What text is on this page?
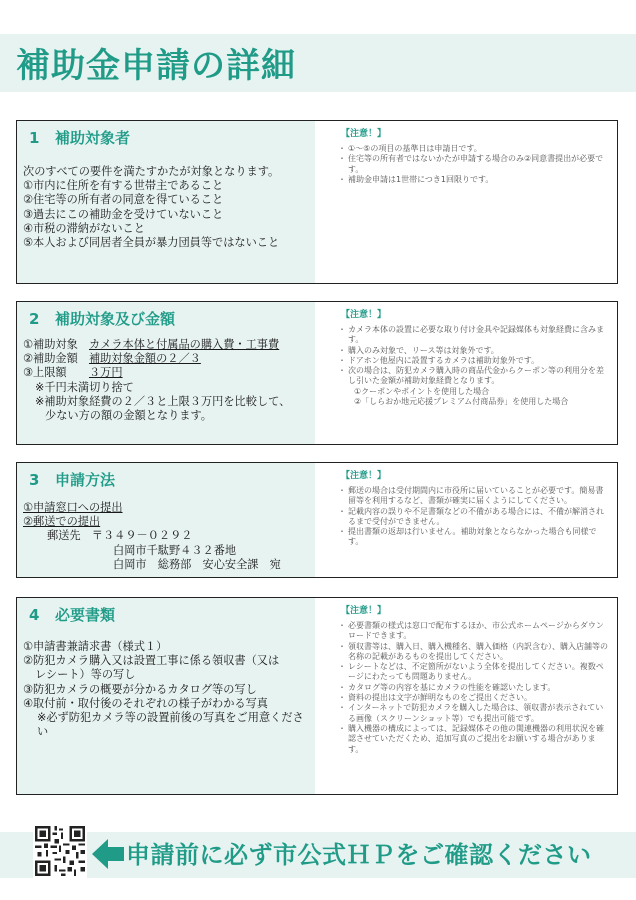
補助金申請の詳細
1 補助対象者

次のすべての要件を満たすかたが対象となります。

①市内に住所を有する世帯主であること

②住宅等の所有者の同意を得ていること

③過去にこの補助金を受けていないこと

④市税の滞納がないこと

⑤本人および同居者全員が暴力団員等ではないこと

【注意！】
・ ①～⑤の項目の基準日は申請日です。
・ 住宅等の所有者ではないかたが申請する場合のみ②同意書提出が必要です。
・ 補助金申請は1世帯につき1回限りです。
2 補助対象及び金額

①補助対象　 カメラ本体と付属品の購入費・工事費

②補助金額　 補助対象金額の２／３

③上限額　　 ３万円

※千円未満切り捨て

※補助対象経費の２／３と上限３万円を比較して、

少ない方の額の金額となります。

【注意！】
・ カメラ本体の設置に必要な取り付け金具や記録媒体も対象経費に含みます。
・ 購入のみ対象で、リース等は対象外です。
・ ドアホン他屋内に設置するカメラは補助対象外です。
・ 次の場合は、防犯カメラ購入時の商品代金からクーポン等の利用分を差し引いた金額が補助対象経費となります。
①クーポンやポイントを使用した場合
②「しらおか地元応援プレミアム付商品券」を使用した場合
3 申請方法

①申請窓口への提出

②郵送での提出

郵送先　 〒３４９－０２９２

白岡市千駄野４３２番地

白岡市　総務部　安心安全課　宛

【注意！】
・ 郵送の場合は受付期間内に市役所に届いていることが必要です。簡易書留等を利用するなど、書類が確実に届くようにしてください。
・ 記載内容の誤りや不足書類などの不備がある場合には、不備が解消されるまで受付ができません。
・ 提出書類の返却は行いません。補助対象とならなかった場合も同様です。
4 必要書類

①申請書兼請求書（様式１）

②防犯カメラ購入又は設置工事に係る領収書（又は

レシート）等の写し

③防犯カメラの概要が分かるカタログ等の写し

④取付前・取付後のそれぞれの様子がわかる写真

※必ず防犯カメラ等の設置前後の写真をご用意ください

【注意！】
・ 必要書類の様式は窓口で配布するほか、市公式ホームページからダウンロードできます。
・ 領収書等は、購入日、購入機種名、購入価格（内訳含む）、購入店舗等の名称の記載があるものを提出してください。
・ レシートなどは、不定箇所がないよう全体を提出してください。複数ページにわたっても問題ありません。
・ カタログ等の内容を基にカメラの性能を確認いたします。
・ 資料の提出は文字が鮮明なものをご提出ください。
・ インターネットで防犯カメラを購入した場合は、領収書が表示されている画像（スクリーンショット等）でも提出可能です。
・ 購入機器の構成によっては、記録媒体その他の関連機器の利用状況を確認させていただくため、追加写真のご提出をお願いする場合があります。
申請前に必ず市公式ＨＰをご確認ください
